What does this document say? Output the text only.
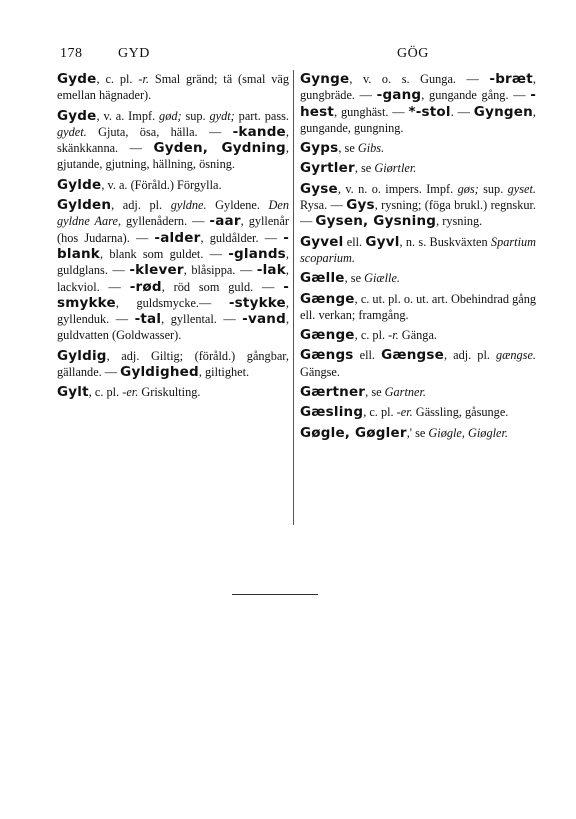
178	GYD	GÖG

Gyde, c. pl. -r. Smal gränd; tä (smal väg emellan hägnader).

Gyde, v. a. Impf. gød; sup. gydt; part. pass. gydet. Gjuta, ösa, hälla. — -kande, skänkkanna. — Gyden, Gydning, gjutande, gjutning, hällning, ösning.

Gylde, v. a. (Föråld.) Förgylla.

Gylden, adj. pl. gyldne. Gyldene. Den gyldne Aare, gyllenådern. — -aar, gyllenår (hos Judarna). — -alder, guldålder. — -blank, blank som guldet. — -glands, guldglans. — -klever, blåsippa. — -lak, lackviol. — -rød, röd som guld. — -smykke, guldsmycke.— -stykke, gyllenduk. — -tal, gyllental. — -vand, guldvatten (Goldwasser).

Gyldig, adj. Giltig; (föråld.) gångbar, gällande. — Gyldighed, giltighet.

Gylt, c. pl. -er. Griskulting.

Gynge, v. o. s. Gunga. — -bræt, gungbräde. — -gang, gungande gång. — -hest, gunghäst. — *-stol. — Gyngen, gungande, gungning.

Gyps, se Gibs.

Gyrtler, se Giørtler.

Gyse, v. n. o. impers. Impf. gøs; sup. gyset. Rysa. — Gys, rysning; (föga brukl.) regnskur. — Gysen, Gysning, rysning.

Gyvel ell. Gyvl, n. s. Buskväxten Spartium scoparium.

Gælle, se Giælle.

Gænge, c. ut. pl. o. ut. art. Obehindrad gång ell. verkan; framgång.

Gænge, c. pl. -r. Gänga.

Gængs ell. Gængse, adj. pl. gængse. Gängse.

Gærtner, se Gartner.

Gæsling, c. pl. -er. Gässling, gåsunge.

Gøgle, Gøgler,' se Giøgle, Giøgler.
